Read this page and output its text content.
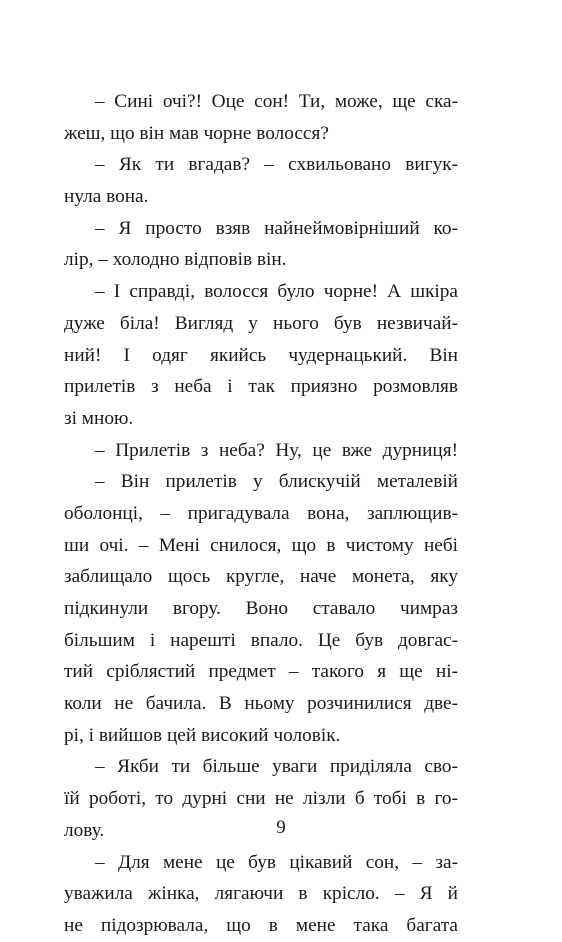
– Сині очі?! Оце сон! Ти, може, ще ска-
жеш, що він мав чорне волосся?
– Як ти вгадав? – схвильовано вигук-
нула вона.
– Я просто взяв найнеймовірніший ко-
лір, – холодно відповів він.
– І справді, волосся було чорне! А шкіра
дуже біла! Вигляд у нього був незвичай-
ний! І одяг якийсь чудернацький. Він
прилетів з неба і так приязно розмовляв
зі мною.
– Прилетів з неба? Ну, це вже дурниця!
– Він прилетів у блискучій металевій
оболонці, – пригадувала вона, заплющив-
ши очі. – Мені снилося, що в чистому небі
заблищало щось кругле, наче монета, яку
підкинули вгору. Воно ставало чимраз
більшим і нарешті впало. Це був довгас-
тий сріблястий предмет – такого я ще ні-
коли не бачила. В ньому розчинилися две-
рі, і вийшов цей високий чоловік.
– Якби ти більше уваги приділяла сво-
їй роботі, то дурні сни не лізли б тобі в го-
лову.
– Для мене це був цікавий сон, – за-
уважила жінка, лягаючи в крісло. – Я й
не підозрювала, що в мене така багата
9
